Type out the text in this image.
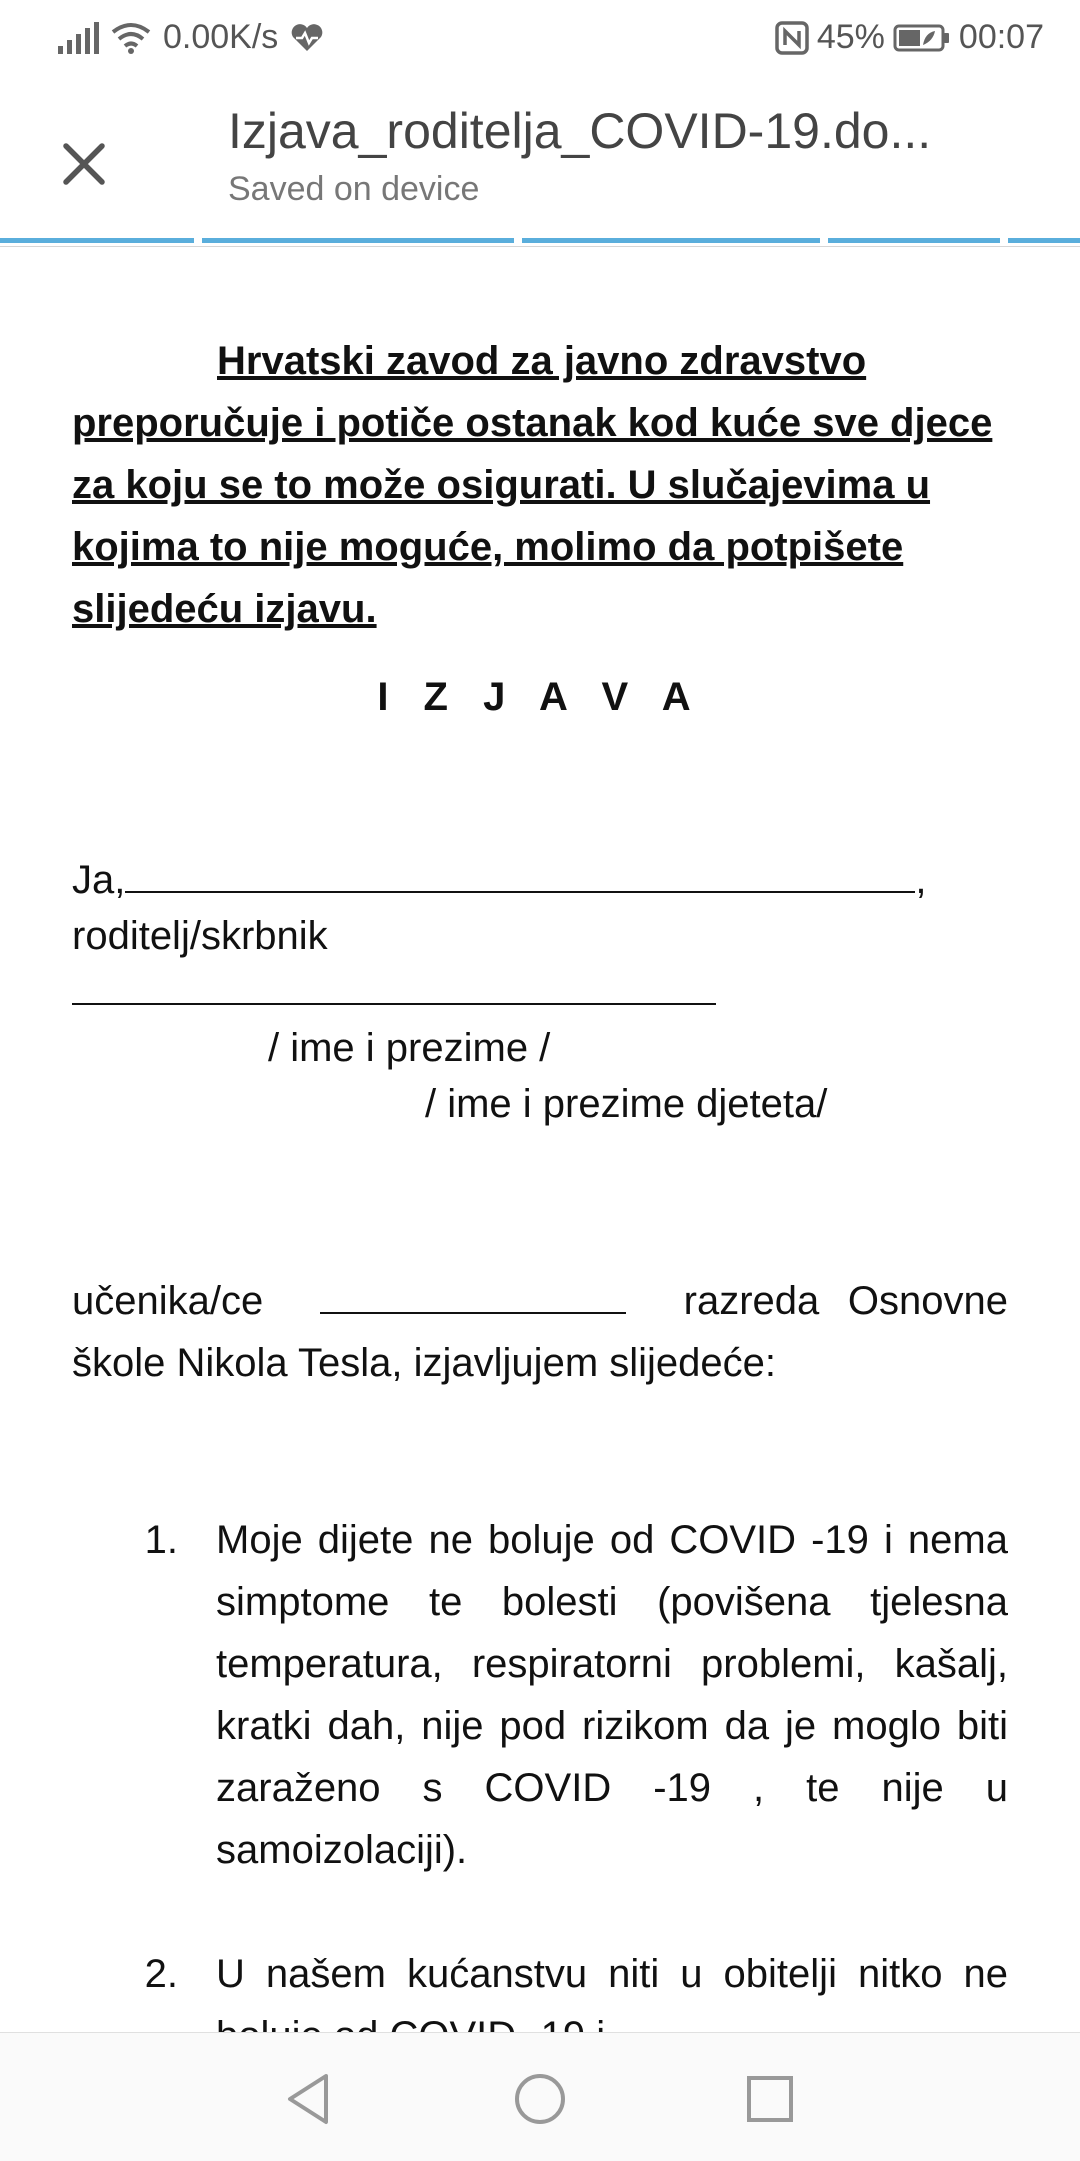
0.00K/s	45% 00:07
Izjava_roditelja_COVID-19.do...
Saved on device
Hrvatski zavod za javno zdravstvo preporučuje i potiče ostanak kod kuće sve djece za koju se to može osigurati. U slučajevima u kojima to nije moguće, molimo da potpišete slijedeću izjavu.
I Z J A V A
Ja,	,
roditelj/skrbnik
/ ime i prezime /
/ ime i prezime djeteta/
učenika/ce	razreda Osnovne škole Nikola Tesla, izjavljujem slijedeće:
1. Moje dijete ne boluje od COVID -19 i nema simptome te bolesti (povišena tjelesna temperatura, respiratorni problemi, kašalj, kratki dah, nije pod rizikom da je moglo biti zaraženo s COVID -19 , te nije u samoizolaciji).
2. U našem kućanstvu niti u obitelji nitko ne
